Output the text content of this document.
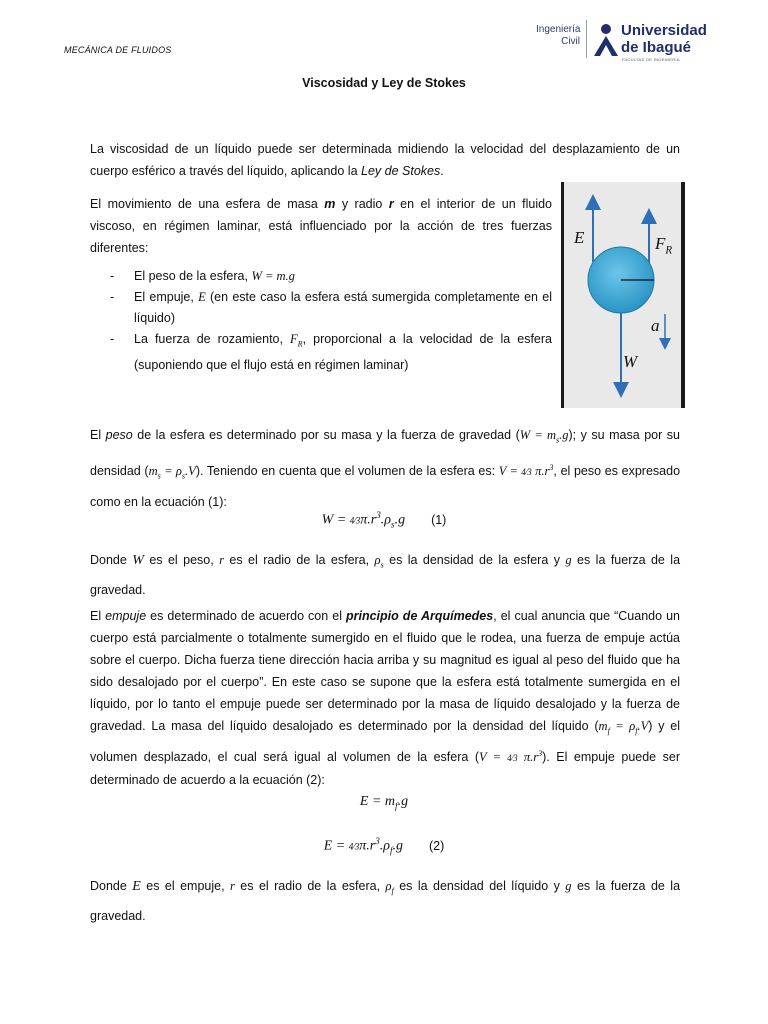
MECÁNICA DE FLUIDOS
Ingeniería Civil
Universidad de Ibagué
FACULTAD DE INGENIERÍA
Viscosidad y Ley de Stokes
La viscosidad de un líquido puede ser determinada midiendo la velocidad del desplazamiento de un cuerpo esférico a través del líquido, aplicando la Ley de Stokes.
El movimiento de una esfera de masa m y radio r en el interior de un fluido viscoso, en régimen laminar, está influenciado por la acción de tres fuerzas diferentes:
- El peso de la esfera, W = m.g
- El empuje, E (en este caso la esfera está sumergida completamente en el líquido)
- La fuerza de rozamiento, $F_R$, proporcional a la velocidad de la esfera (suponiendo que el flujo está en régimen laminar)
E	$F_R$
a
W
El peso de la esfera es determinado por su masa y la fuerza de gravedad $(W = m_s.g)$; y su masa por su densidad $(m_s = \rho_s.V)$. Teniendo en cuenta que el volumen de la esfera es: V = 4⁄3 $\pi.r^3$, el peso es expresado como en la ecuación (1):
$W = 4⁄3\pi.r^3.\rho_s.g$ (1)
Donde W es el peso, r es el radio de la esfera, $\rho_s$ es la densidad de la esfera y g es la fuerza de la gravedad.
El empuje es determinado de acuerdo con el principio de Arquímedes, el cual anuncia que “Cuando un cuerpo está parcialmente o totalmente sumergido en el fluido que le rodea, una fuerza de empuje actúa sobre el cuerpo. Dicha fuerza tiene dirección hacia arriba y su magnitud es igual al peso del fluido que ha sido desalojado por el cuerpo”. En este caso se supone que la esfera está totalmente sumergida en el líquido, por lo tanto el empuje puede ser determinado por la masa de líquido desalojado y la fuerza de gravedad. La masa del líquido desalojado es determinado por la densidad del líquido $(m_f = \rho_f.V)$ y el volumen desplazado, el cual será igual al volumen de la esfera (V = 4⁄3 $\pi.r^3$). El empuje puede ser determinado de acuerdo a la ecuación (2):
$E = m_f.g$
$E = 4⁄3\pi.r^3.\rho_f.g$ (2)
Donde E es el empuje, r es el radio de la esfera, $\rho_f$ es la densidad del líquido y g es la fuerza de la gravedad.
